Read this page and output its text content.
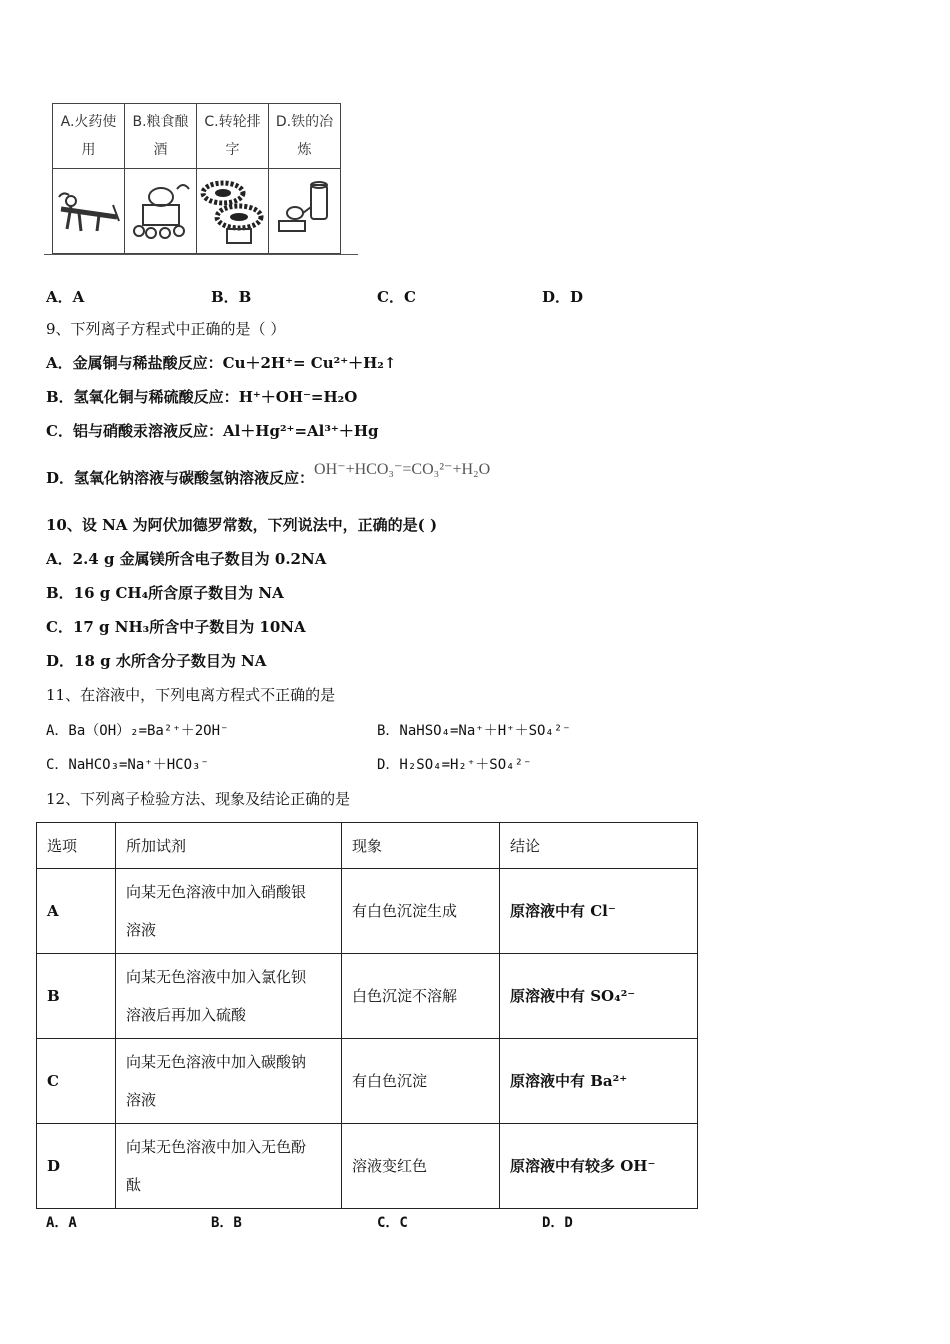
A.火药使
用	B.粮食酿
酒	C.转轮排
字	D.铁的冶
炼

A．A	B．B	C．C	D．D
9、下列离子方程式中正确的是（ ）
A．金属铜与稀盐酸反应：Cu＋2H⁺= Cu²⁺＋H₂↑
B．氢氧化铜与稀硫酸反应：H⁺＋OH⁻=H₂O
C．铝与硝酸汞溶液反应：Al＋Hg²⁺=Al³⁺＋Hg
D．氢氧化钠溶液与碳酸氢钠溶液反应：OH⁻+HCO₃⁻=CO₃²⁻+H₂O
10、设 NA 为阿伏加德罗常数，下列说法中，正确的是( )
A．2.4 g 金属镁所含电子数目为 0.2NA
B．16 g CH₄所含原子数目为 NA
C．17 g NH₃所含中子数目为 10NA
D．18 g 水所含分子数目为 NA
11、在溶液中，下列电离方程式不正确的是
A．Ba（OH）₂=Ba²⁺＋2OH⁻	B．NaHSO₄=Na⁺＋H⁺＋SO₄²⁻
C．NaHCO₃=Na⁺＋HCO₃⁻	D．H₂SO₄=H₂⁺＋SO₄²⁻
12、下列离子检验方法、现象及结论正确的是
选项	所加试剂	现象	结论
A	向某无色溶液中加入硝酸银
溶液	有白色沉淀生成	原溶液中有 Cl⁻
B	向某无色溶液中加入氯化钡
溶液后再加入硫酸	白色沉淀不溶解	原溶液中有 SO₄²⁻
C	向某无色溶液中加入碳酸钠
溶液	有白色沉淀	原溶液中有 Ba²⁺
D	向某无色溶液中加入无色酚
酞	溶液变红色	原溶液中有较多 OH⁻
A．A	B．B	C．C	D．D
